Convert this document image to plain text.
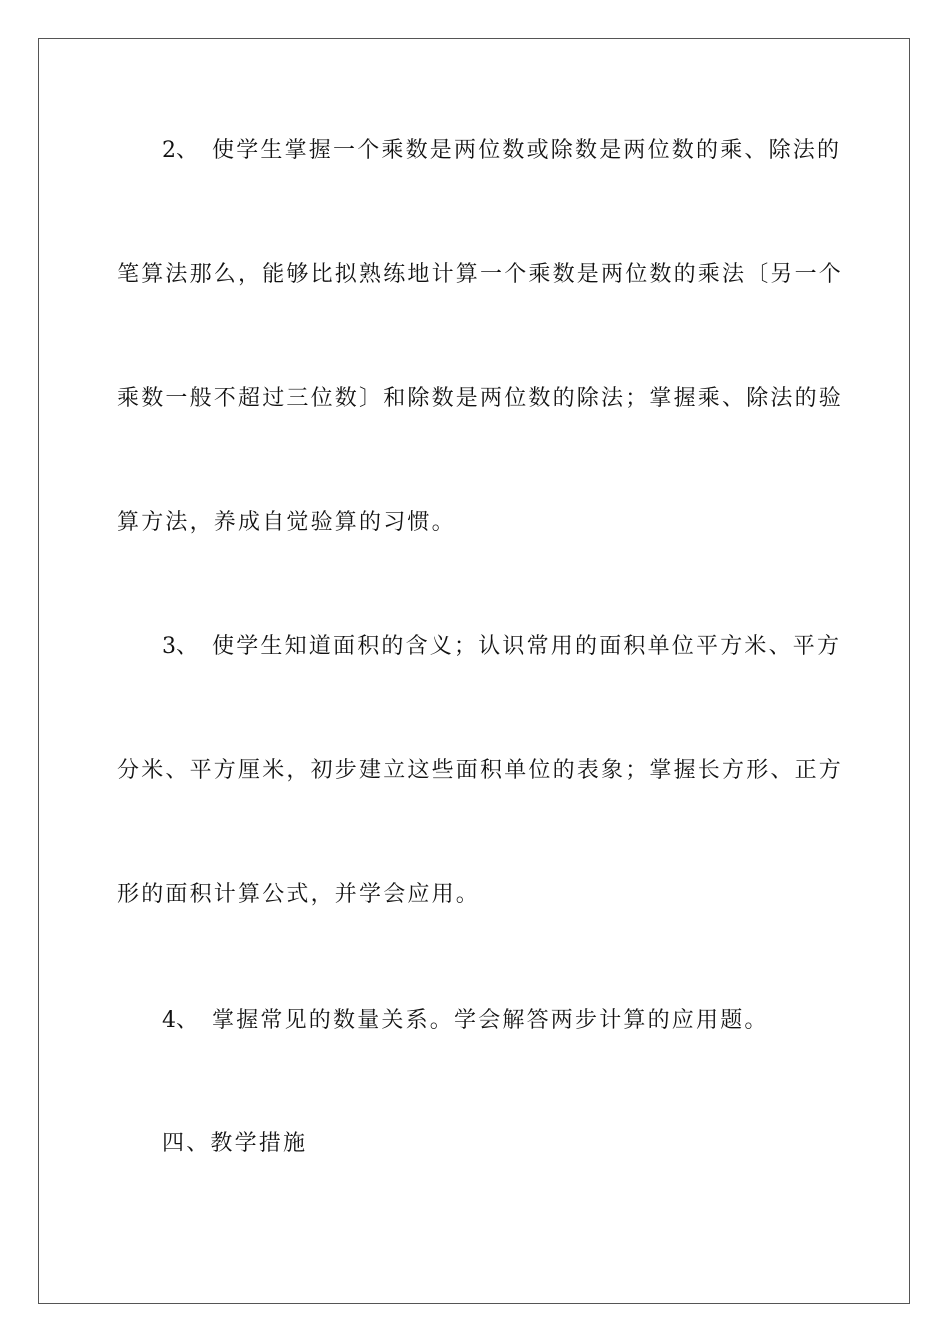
2、 使学生掌握一个乘数是两位数或除数是两位数的乘、除法的
笔算法那么，能够比拟熟练地计算一个乘数是两位数的乘法〔另一个
乘数一般不超过三位数〕和除数是两位数的除法；掌握乘、除法的验
算方法，养成自觉验算的习惯。
3、 使学生知道面积的含义；认识常用的面积单位平方米、平方
分米、平方厘米，初步建立这些面积单位的表象；掌握长方形、正方
形的面积计算公式，并学会应用。
4、 掌握常见的数量关系。学会解答两步计算的应用题。
四、教学措施
